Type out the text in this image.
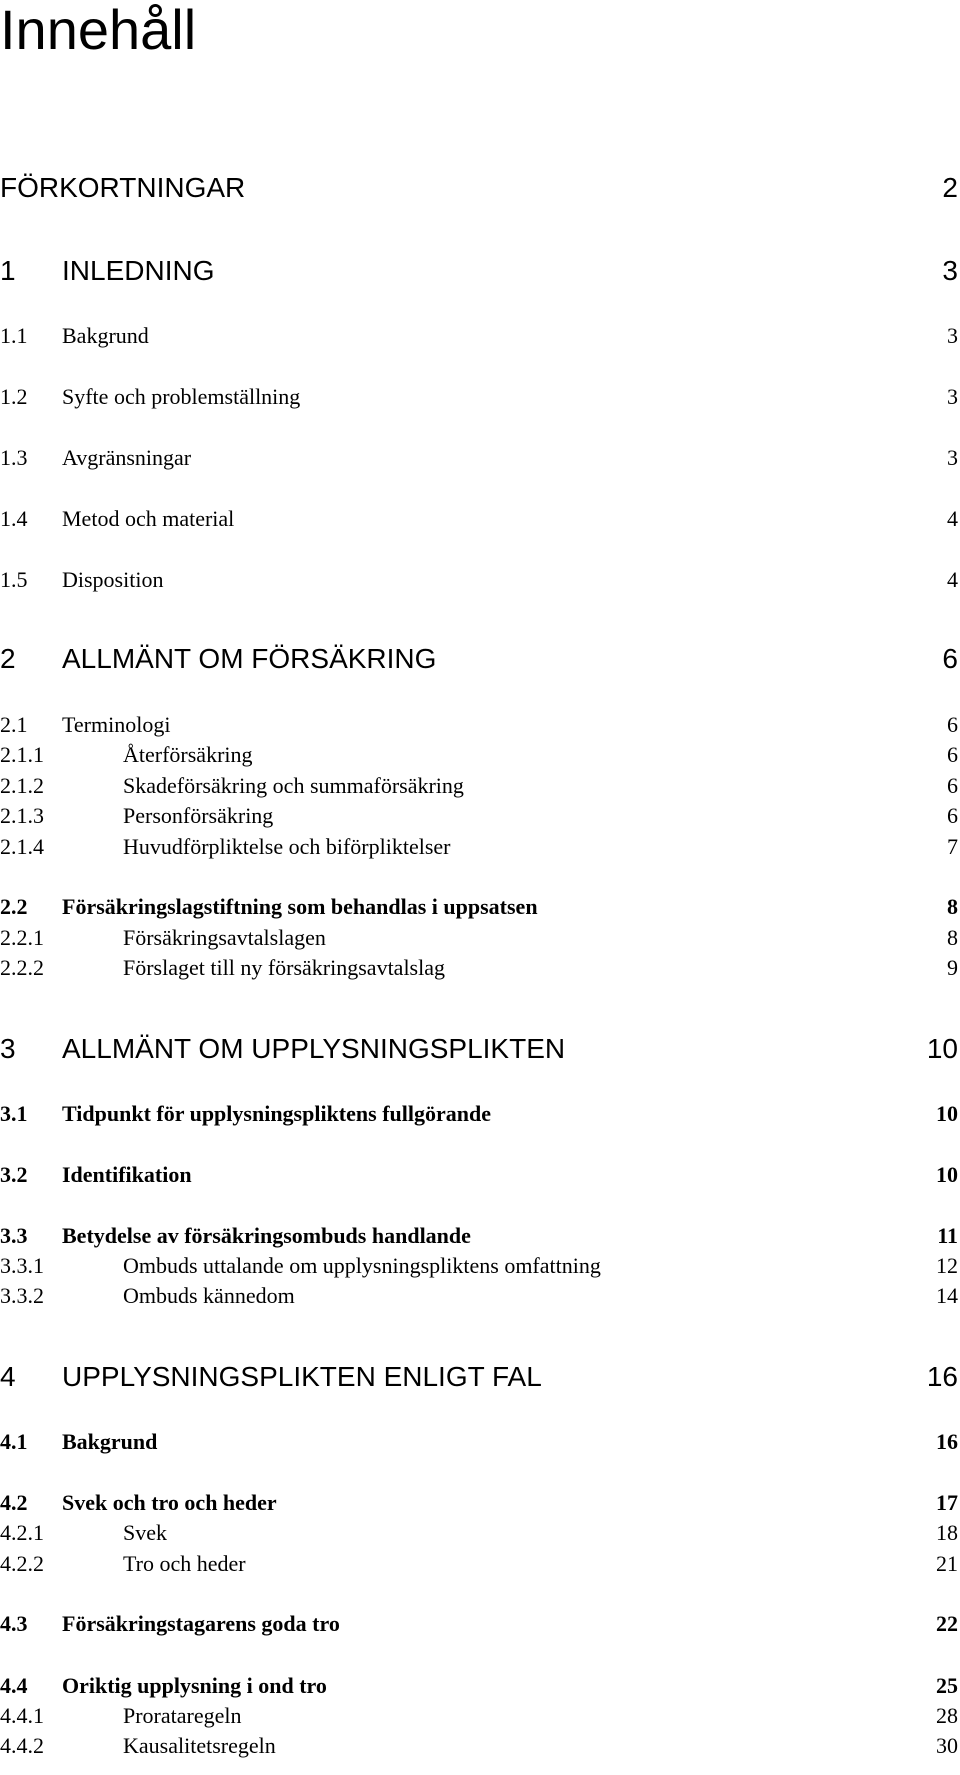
Innehåll
FÖRKORTNINGAR	2
1	INLEDNING	3
1.1	Bakgrund	3
1.2	Syfte och problemställning	3
1.3	Avgränsningar	3
1.4	Metod och material	4
1.5	Disposition	4
2	ALLMÄNT OM FÖRSÄKRING	6
2.1	Terminologi	6
2.1.1	Återförsäkring	6
2.1.2	Skadeförsäkring och summaförsäkring	6
2.1.3	Personförsäkring	6
2.1.4	Huvudförpliktelse och biförpliktelser	7
2.2	Försäkringslagstiftning som behandlas i uppsatsen	8
2.2.1	Försäkringsavtalslagen	8
2.2.2	Förslaget till ny försäkringsavtalslag	9
3	ALLMÄNT OM UPPLYSNINGSPLIKTEN	10
3.1	Tidpunkt för upplysningspliktens fullgörande	10
3.2	Identifikation	10
3.3	Betydelse av försäkringsombuds handlande	11
3.3.1	Ombuds uttalande om upplysningspliktens omfattning	12
3.3.2	Ombuds kännedom	14
4	UPPLYSNINGSPLIKTEN ENLIGT FAL	16
4.1	Bakgrund	16
4.2	Svek och tro och heder	17
4.2.1	Svek	18
4.2.2	Tro och heder	21
4.3	Försäkringstagarens goda tro	22
4.4	Oriktig upplysning i ond tro	25
4.4.1	Prorataregeln	28
4.4.2	Kausalitetsregeln	30
